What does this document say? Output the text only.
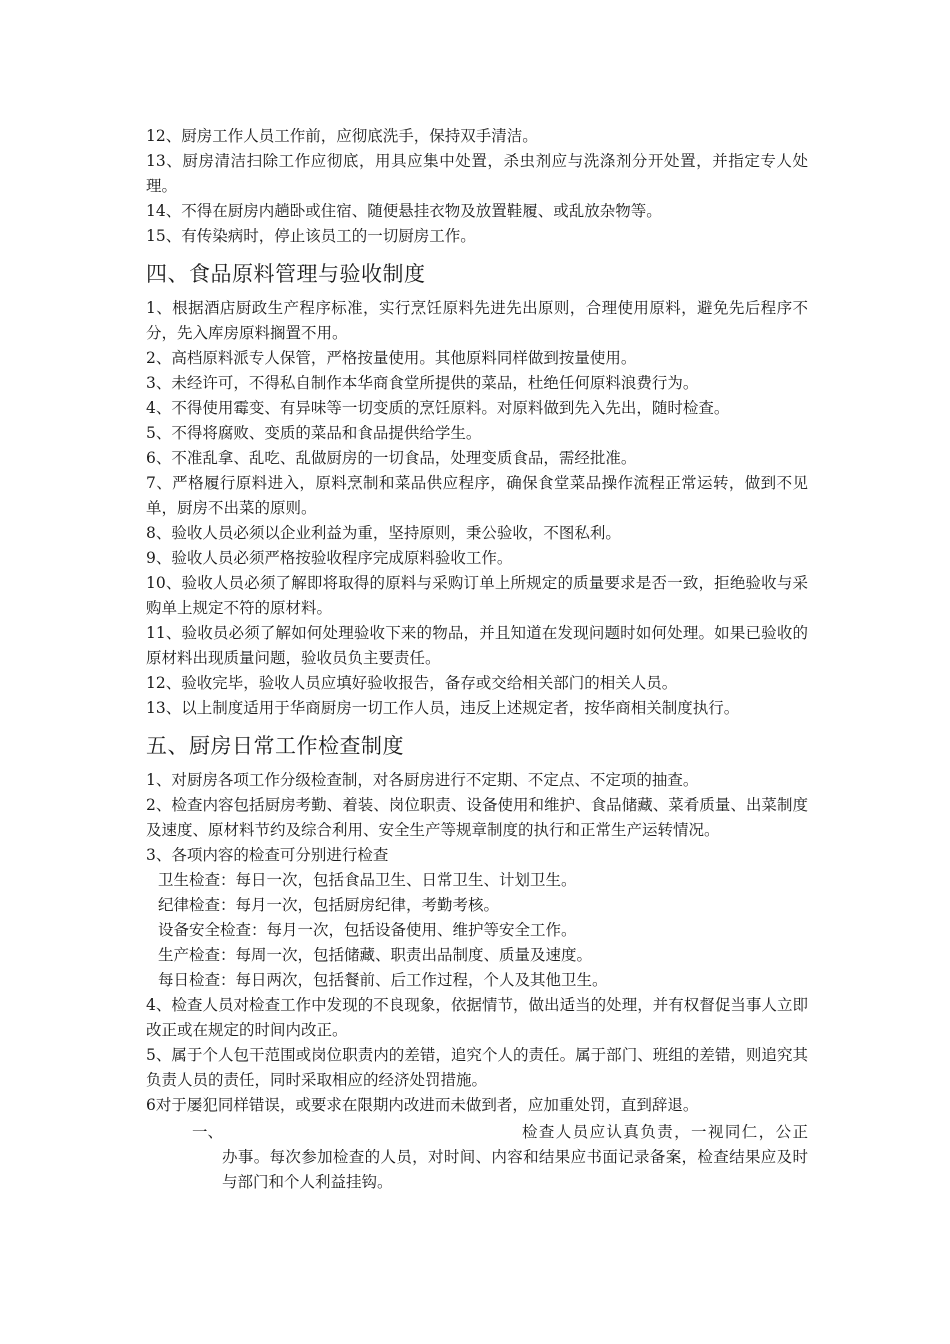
12、厨房工作人员工作前，应彻底洗手，保持双手清洁。

13、厨房清洁扫除工作应彻底，用具应集中处置，杀虫剂应与洗涤剂分开处置，并指定专人处理。

14、不得在厨房内趟卧或住宿、随便悬挂衣物及放置鞋履、或乱放杂物等。

15、有传染病时，停止该员工的一切厨房工作。

四、食品原料管理与验收制度

1、根据酒店厨政生产程序标准，实行烹饪原料先进先出原则，合理使用原料，避免先后程序不分，先入库房原料搁置不用。

2、高档原料派专人保管，严格按量使用。其他原料同样做到按量使用。

3、未经许可，不得私自制作本华商食堂所提供的菜品，杜绝任何原料浪费行为。

4、不得使用霉变、有异味等一切变质的烹饪原料。对原料做到先入先出，随时检查。

5、不得将腐败、变质的菜品和食品提供给学生。

6、不准乱拿、乱吃、乱做厨房的一切食品，处理变质食品，需经批准。

7、严格履行原料进入，原料烹制和菜品供应程序，确保食堂菜品操作流程正常运转，做到不见单，厨房不出菜的原则。

8、验收人员必须以企业利益为重，坚持原则，秉公验收，不图私利。

9、验收人员必须严格按验收程序完成原料验收工作。

10、验收人员必须了解即将取得的原料与采购订单上所规定的质量要求是否一致，拒绝验收与采购单上规定不符的原材料。

11、验收员必须了解如何处理验收下来的物品，并且知道在发现问题时如何处理。如果已验收的原材料出现质量问题，验收员负主要责任。

12、验收完毕，验收人员应填好验收报告，备存或交给相关部门的相关人员。

13、以上制度适用于华商厨房一切工作人员，违反上述规定者，按华商相关制度执行。

五、厨房日常工作检查制度

1、对厨房各项工作分级检查制，对各厨房进行不定期、不定点、不定项的抽查。

2、检查内容包括厨房考勤、着装、岗位职责、设备使用和维护、食品储藏、菜肴质量、出菜制度及速度、原材料节约及综合利用、安全生产等规章制度的执行和正常生产运转情况。

3、各项内容的检查可分别进行检查

卫生检查：每日一次，包括食品卫生、日常卫生、计划卫生。

纪律检查：每月一次，包括厨房纪律，考勤考核。

设备安全检查：每月一次，包括设备使用、维护等安全工作。

生产检查：每周一次，包括储藏、职责出品制度、质量及速度。

每日检查：每日两次，包括餐前、后工作过程，个人及其他卫生。

4、检查人员对检查工作中发现的不良现象，依据情节，做出适当的处理，并有权督促当事人立即改正或在规定的时间内改正。

5、属于个人包干范围或岗位职责内的差错，追究个人的责任。属于部门、班组的差错，则追究其负责人员的责任，同时采取相应的经济处罚措施。

6对于屡犯同样错误，或要求在限期内改进而未做到者，应加重处罚，直到辞退。

一、	检查人员应认真负责，一视同仁，公正

办事。每次参加检查的人员，对时间、内容和结果应书面记录备案，检查结果应及时与部门和个人利益挂钩。
